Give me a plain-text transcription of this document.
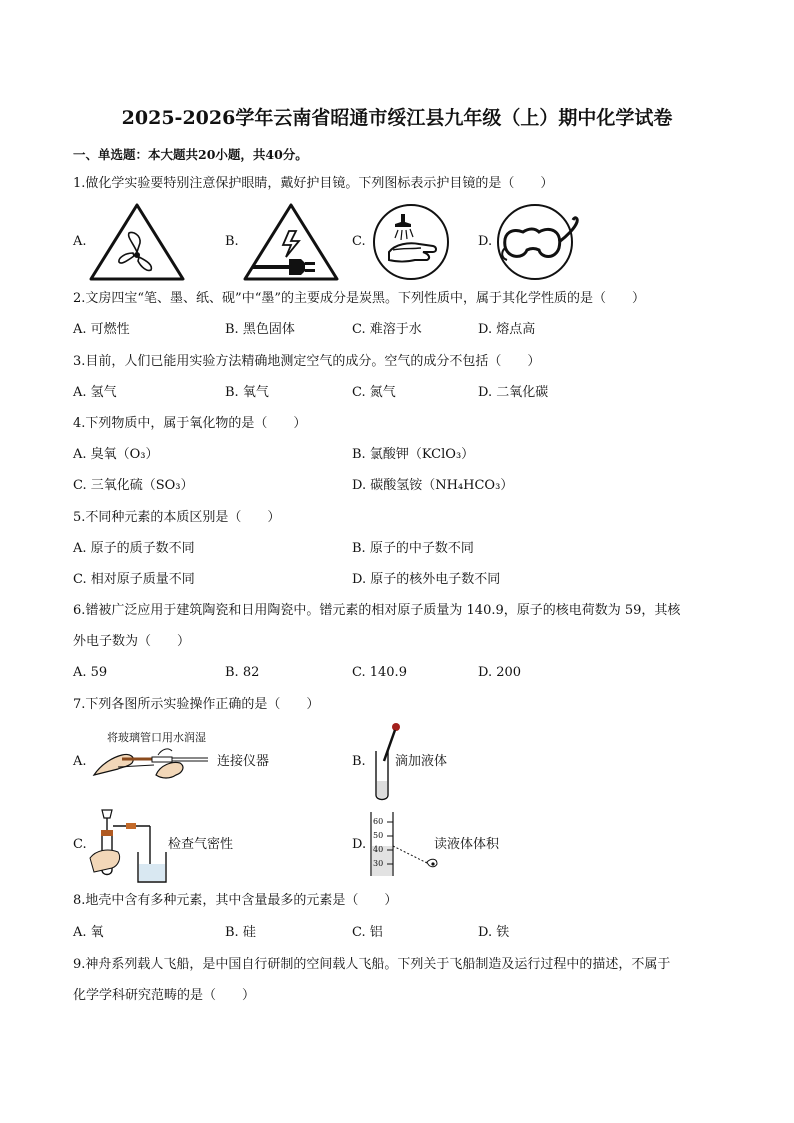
2025-2026学年云南省昭通市绥江县九年级（上）期中化学试卷
一、单选题：本大题共20小题，共40分。
1.做化学实验要特别注意保护眼睛，戴好护目镜。下列图标表示护目镜的是（　　）
A.	B.	C.	D.
2.文房四宝“笔、墨、纸、砚”中“墨”的主要成分是炭黑。下列性质中，属于其化学性质的是（　　）
A. 可燃性	B. 黑色固体	C. 难溶于水	D. 熔点高
3.目前，人们已能用实验方法精确地测定空气的成分。空气的成分不包括（　　）
A. 氢气	B. 氧气	C. 氮气	D. 二氧化碳
4.下列物质中，属于氧化物的是（　　）
A. 臭氧（O₃）	B. 氯酸钾（KClO₃）
C. 三氧化硫（SO₃）	D. 碳酸氢铵（NH₄HCO₃）
5.不同种元素的本质区别是（　　）
A. 原子的质子数不同	B. 原子的中子数不同
C. 相对原子质量不同	D. 原子的核外电子数不同
6.镨被广泛应用于建筑陶瓷和日用陶瓷中。镨元素的相对原子质量为 140.9，原子的核电荷数为 59，其核
外电子数为（　　）
A. 59	B. 82	C. 140.9	D. 200
7.下列各图所示实验操作正确的是（　　）
A.
将玻璃管口用水润湿
连接仪器	B. 滴加液体
C.	检查气密性	D.
60
50
40
30
读液体体积
8.地壳中含有多种元素，其中含量最多的元素是（　　）
A. 氧	B. 硅	C. 铝	D. 铁
9.神舟系列载人飞船，是中国自行研制的空间载人飞船。下列关于飞船制造及运行过程中的描述，不属于
化学学科研究范畴的是（　　）
